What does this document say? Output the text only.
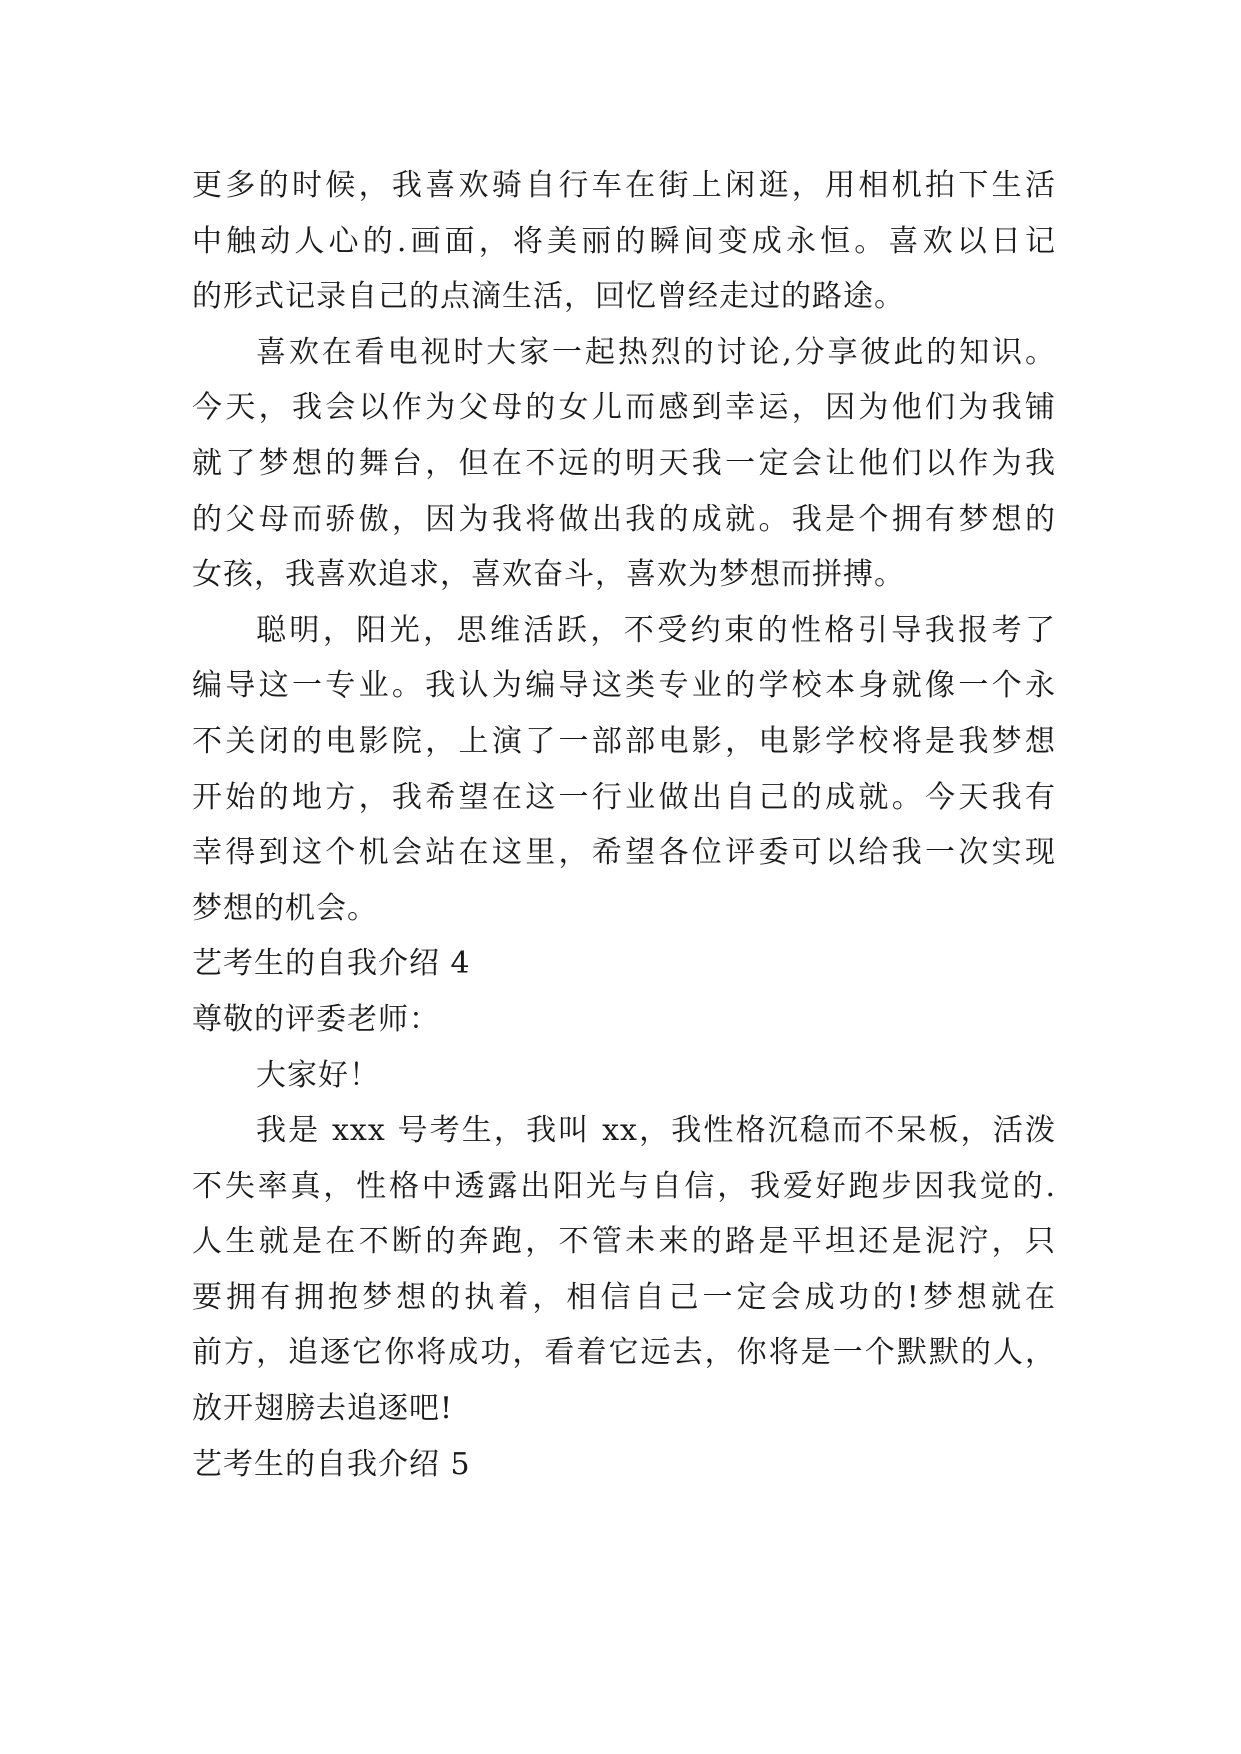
更多的时候，我喜欢骑自行车在街上闲逛，用相机拍下生活
中触动人心的.画面，将美丽的瞬间变成永恒。喜欢以日记
的形式记录自己的点滴生活，回忆曾经走过的路途。
喜欢在看电视时大家一起热烈的讨论,分享彼此的知识。
今天，我会以作为父母的女儿而感到幸运，因为他们为我铺
就了梦想的舞台，但在不远的明天我一定会让他们以作为我
的父母而骄傲，因为我将做出我的成就。我是个拥有梦想的
女孩，我喜欢追求，喜欢奋斗，喜欢为梦想而拼搏。
聪明，阳光，思维活跃，不受约束的性格引导我报考了
编导这一专业。我认为编导这类专业的学校本身就像一个永
不关闭的电影院，上演了一部部电影，电影学校将是我梦想
开始的地方，我希望在这一行业做出自己的成就。今天我有
幸得到这个机会站在这里，希望各位评委可以给我一次实现
梦想的机会。
艺考生的自我介绍 4
尊敬的评委老师：
大家好！
我是 xxx 号考生，我叫 xx，我性格沉稳而不呆板，活泼
不失率真，性格中透露出阳光与自信，我爱好跑步因我觉的.
人生就是在不断的奔跑，不管未来的路是平坦还是泥泞，只
要拥有拥抱梦想的执着，相信自己一定会成功的!梦想就在
前方，追逐它你将成功，看着它远去，你将是一个默默的人，
放开翅膀去追逐吧!
艺考生的自我介绍 5
